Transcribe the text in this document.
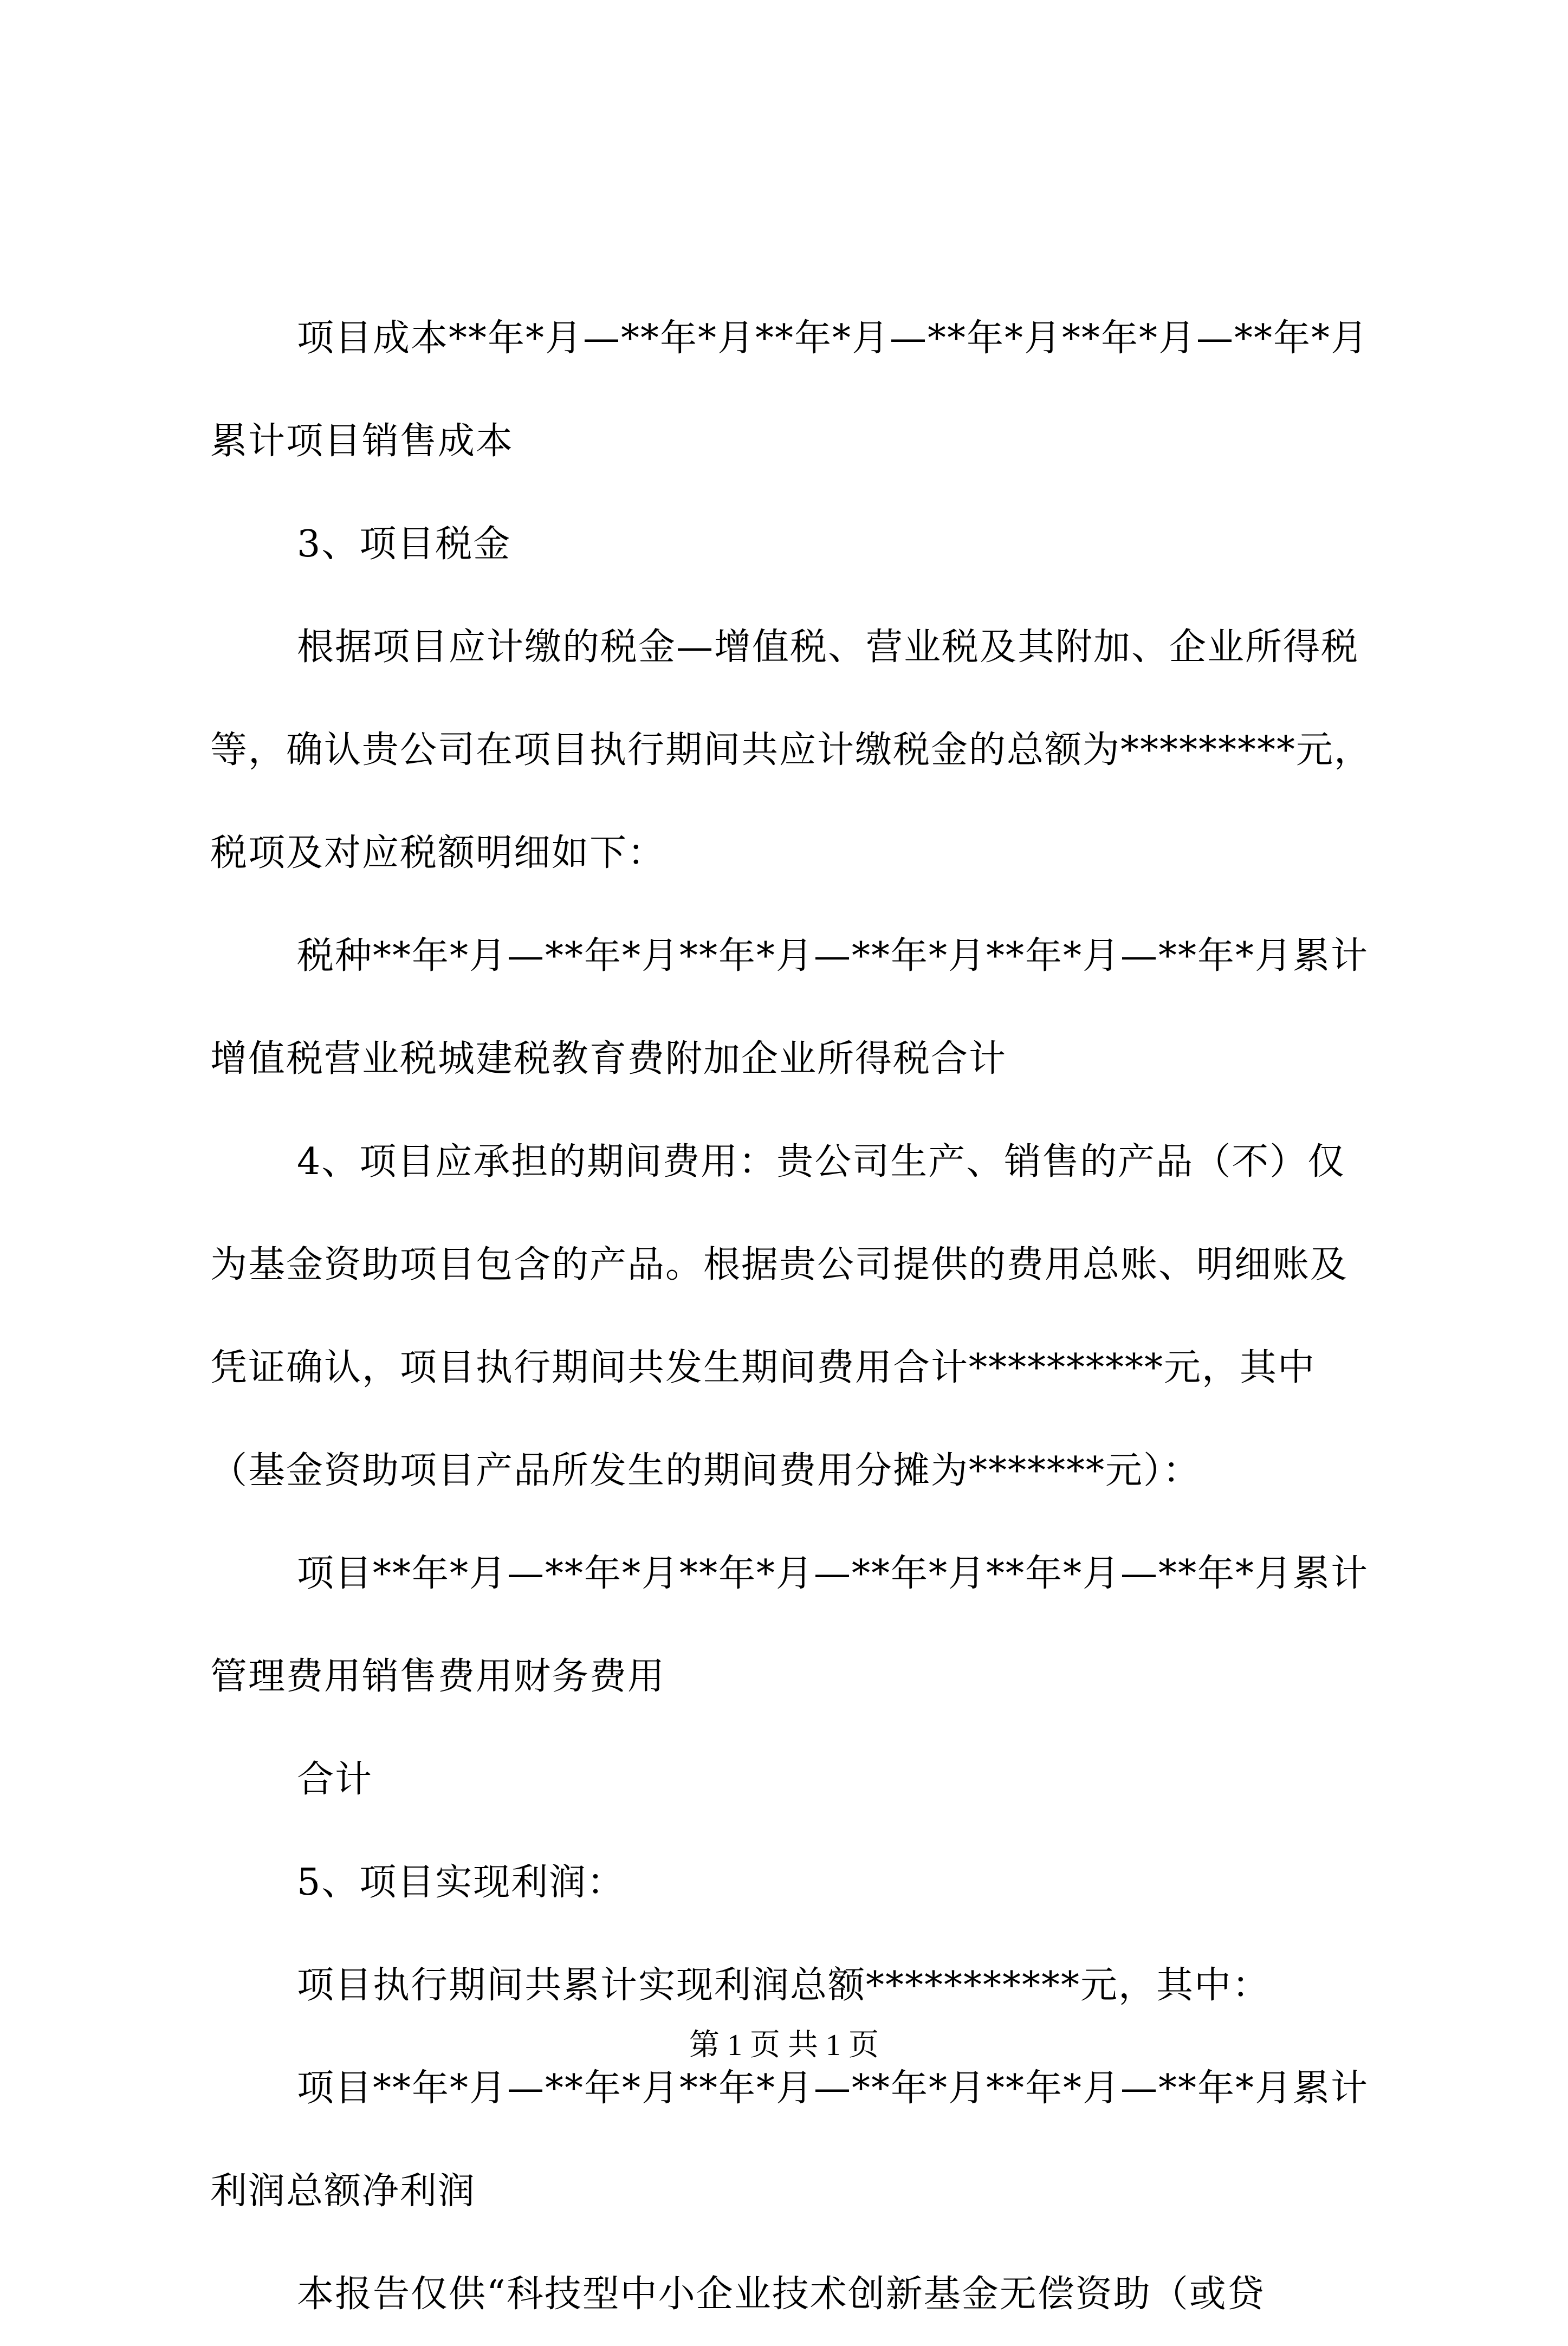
项目成本**年*月—**年*月**年*月—**年*月**年*月—**年*月累计项目销售成本

3、项目税金

根据项目应计缴的税金—增值税、营业税及其附加、企业所得税等，确认贵公司在项目执行期间共应计缴税金的总额为*********元，税项及对应税额明细如下：

税种**年*月—**年*月**年*月—**年*月**年*月—**年*月累计增值税营业税城建税教育费附加企业所得税合计

4、项目应承担的期间费用：贵公司生产、销售的产品（不）仅为基金资助项目包含的产品。根据贵公司提供的费用总账、明细账及凭证确认，项目执行期间共发生期间费用合计**********元，其中（基金资助项目产品所发生的期间费用分摊为*******元）：

项目**年*月—**年*月**年*月—**年*月**年*月—**年*月累计管理费用销售费用财务费用

合计

5、项目实现利润：

项目执行期间共累计实现利润总额***********元，其中：

项目**年*月—**年*月**年*月—**年*月**年*月—**年*月累计利润总额净利润

本报告仅供“科技型中小企业技术创新基金无偿资助（或贷

第 1 页 共 1 页
